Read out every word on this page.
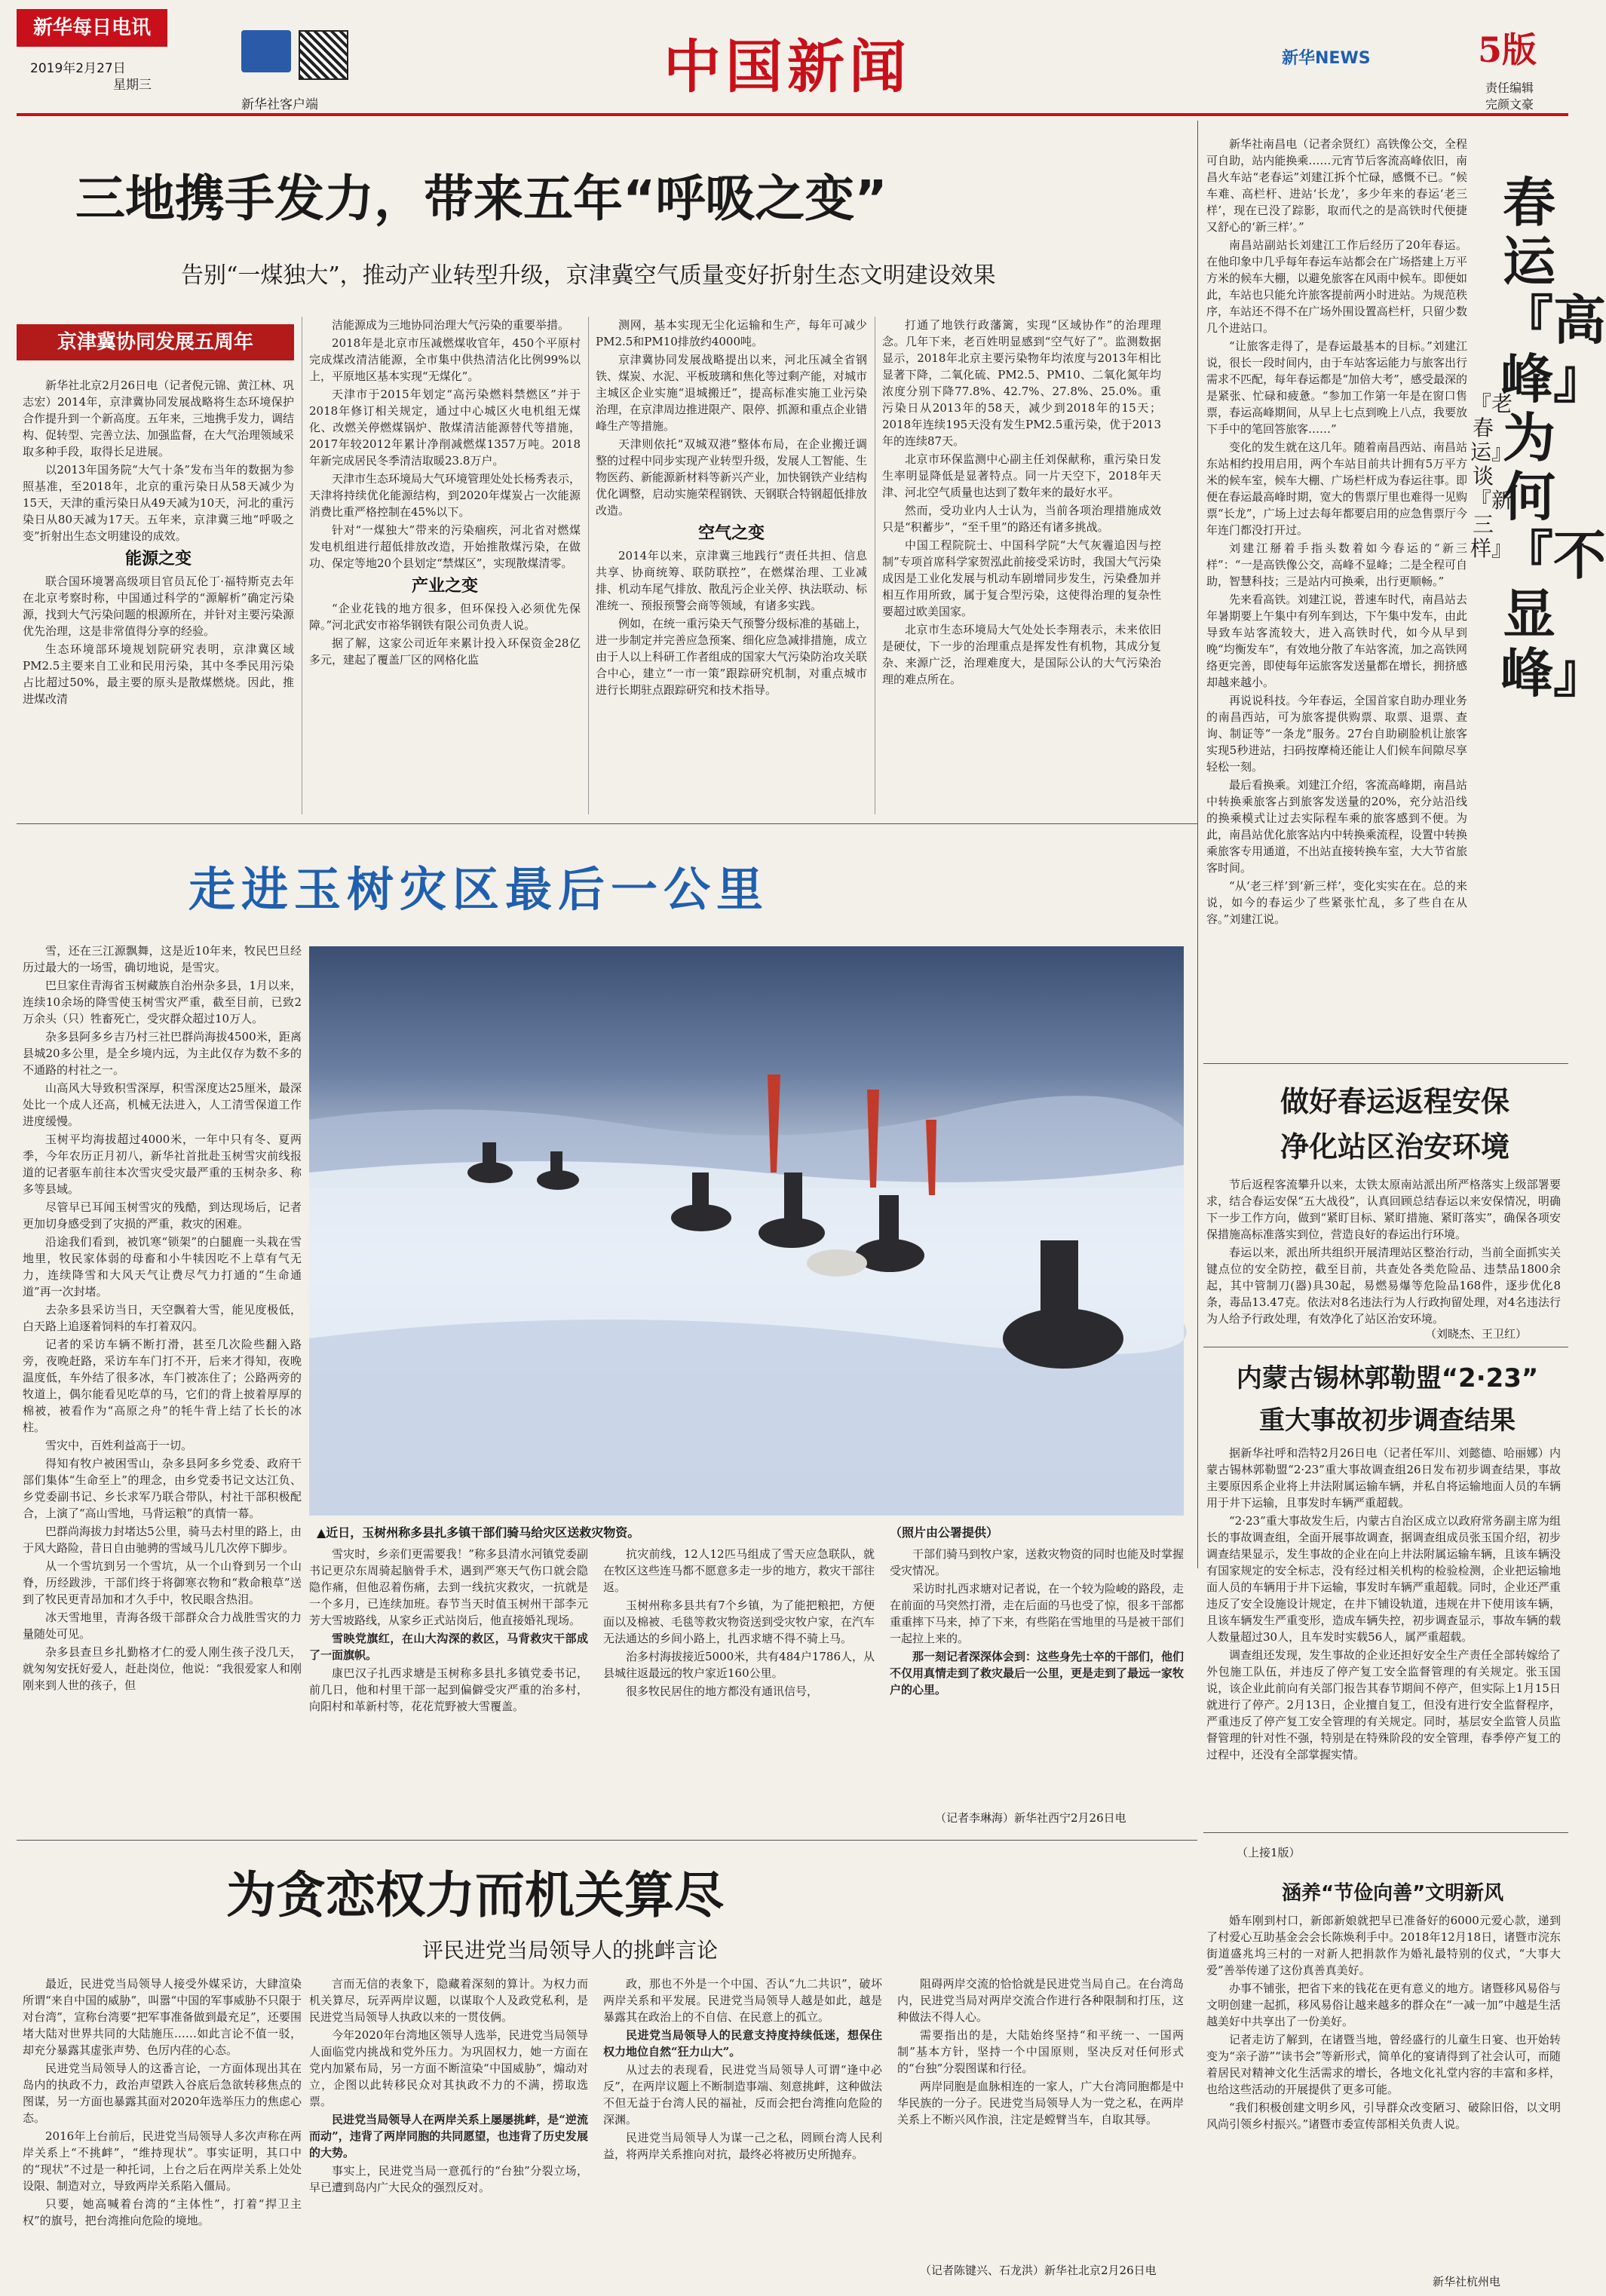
新华每日电讯
2019年2月27日
星期三
新华社客户端
中国新闻	新华NEWS	5版
责任编辑
完颜文豪
三地携手发力，带来五年“呼吸之变”
告别“一煤独大”，推动产业转型升级，京津冀空气质量变好折射生态文明建设效果
京津冀协同发展五周年

新华社北京2月26日电（记者倪元锦、黄江林、巩志宏）2014年，京津冀协同发展战略将生态环境保护合作提升到一个新高度。五年来，三地携手发力，调结构、促转型、完善立法、加强监督，在大气治理领域采取多种手段，取得长足进展。

以2013年国务院“大气十条”发布当年的数据为参照基准，至2018年，北京的重污染日从58天减少为15天，天津的重污染日从49天减为10天，河北的重污染日从80天减为17天。五年来，京津冀三地“呼吸之变”折射出生态文明建设的成效。

能源之变

联合国环境署高级项目官员瓦伦丁·福特斯克去年在北京考察时称，中国通过科学的“源解析”确定污染源，找到大气污染问题的根源所在，并针对主要污染源优先治理，这是非常值得分享的经验。

生态环境部环境规划院研究表明，京津冀区域PM2.5主要来自工业和民用污染，其中冬季民用污染占比超过50%，最主要的原头是散煤燃烧。因此，推进煤改清

洁能源成为三地协同治理大气污染的重要举措。

2018年是北京市压减燃煤收官年，450个平原村完成煤改清洁能源，全市集中供热清洁化比例99%以上，平原地区基本实现“无煤化”。

天津市于2015年划定“高污染燃料禁燃区”并于2018年修订相关规定，通过中心城区火电机组无煤化、改燃关停燃煤锅炉、散煤清洁能源替代等措施，2017年较2012年累计净削减燃煤1357万吨。2018年新完成居民冬季清洁取暖23.8万户。

天津市生态环境局大气环境管理处处长杨秀表示，天津将持续优化能源结构，到2020年煤炭占一次能源消费比重严格控制在45%以下。

针对“一煤独大”带来的污染痼疾，河北省对燃煤发电机组进行超低排放改造，开始推散煤污染，在做功、保定等地20个县划定“禁煤区”，实现散煤清零。

产业之变

“企业花钱的地方很多，但环保投入必须优先保障。”河北武安市裕华钢铁有限公司负责人说。

据了解，这家公司近年来累计投入环保资金28亿多元，建起了覆盖厂区的网格化监

测网，基本实现无尘化运输和生产，每年可减少PM2.5和PM10排放约4000吨。

京津冀协同发展战略提出以来，河北压减全省钢铁、煤炭、水泥、平板玻璃和焦化等过剩产能，对城市主城区企业实施“退城搬迁”，提高标准实施工业污染治理，在京津周边推进限产、限停、抓源和重点企业错峰生产等措施。

天津则依托“双城双港”整体布局，在企业搬迁调整的过程中同步实现产业转型升级，发展人工智能、生物医药、新能源新材料等新兴产业，加快钢铁产业结构优化调整，启动实施荣程钢铁、天钢联合特钢超低排放改造。

空气之变

2014年以来，京津冀三地践行“责任共担、信息共享、协商统筹、联防联控”，在燃煤治理、工业减排、机动车尾气排放、散乱污企业关停、执法联动、标准统一、预报预警会商等领域，有诸多实践。

例如，在统一重污染天气预警分级标准的基础上，进一步制定并完善应急预案、细化应急减排措施，成立由于人以上科研工作者组成的国家大气污染防治攻关联合中心，建立“一市一策”跟踪研究机制，对重点城市进行长期驻点跟踪研究和技术指导。

打通了地铁行政藩篱，实现“区域协作”的治理理念。几年下来，老百姓明显感到“空气好了”。监测数据显示，2018年北京主要污染物年均浓度与2013年相比显著下降，二氧化硫、PM2.5、PM10、二氧化氮年均浓度分别下降77.8%、42.7%、27.8%、25.0%。重污染日从2013年的58天，减少到2018年的15天；2018年连续195天没有发生PM2.5重污染，优于2013年的连续87天。

北京市环保监测中心副主任刘保献称，重污染日发生率明显降低是显著特点。同一片天空下，2018年天津、河北空气质量也达到了数年来的最好水平。

然而，受功业内人士认为，当前各项治理措施成效只是“积蓄步”，“至千里”的路还有诸多挑战。

中国工程院院士、中国科学院“大气灰霾追因与控制”专项首席科学家贺泓此前接受采访时，我国大气污染成因是工业化发展与机动车剧增同步发生，污染叠加并相互作用所致，属于复合型污染，这使得治理的复杂性要超过欧美国家。

北京市生态环境局大气处处长李翔表示，未来依旧是硬仗，下一步的治理重点是挥发性有机物，其成分复杂、来源广泛，治理难度大，是国际公认的大气污染治理的难点所在。

新华社南昌电（记者余贤红）高铁像公交，全程可自助，站内能换乘……元宵节后客流高峰依旧，南昌火车站“老春运”刘建江拆个忙碌，感慨不已。“候车难、高栏杆、进站‘长龙’，多少年来的春运‘老三样’，现在已没了踪影，取而代之的是高铁时代便捷又舒心的‘新三样’。”

南昌站副站长刘建江工作后经历了20年春运。在他印象中几乎每年春运车站都会在广场搭建上万平方米的候车大棚，以避免旅客在风雨中候车。即便如此，车站也只能允许旅客提前两小时进站。为规范秩序，车站还不得不在广场外围设置高栏杆，只留少数几个进站口。

“让旅客走得了，是春运最基本的目标。”刘建江说，很长一段时间内，由于车站客运能力与旅客出行需求不匹配，每年春运都是“加倍大考”，感受最深的是紧张、忙碌和疲惫。“参加工作第一年是在窗口售票，春运高峰期间，从早上七点到晚上八点，我要放下手中的笔回答旅客……”

变化的发生就在这几年。随着南昌西站、南昌站东站相约投用启用，两个车站目前共计拥有5万平方米的候车室，候车大棚、广场栏杆成为春运往事。即便在春运最高峰时期，宽大的售票厅里也难得一见购票“长龙”，广场上过去每年都要启用的应急售票厅今年连门都没打开过。

刘建江掰着手指头数着如今春运的“新三样”：“一是高铁像公交，高峰不显峰；二是全程可自助，智慧科技；三是站内可换乘，出行更顺畅。”

先来看高铁。刘建江说，普速车时代，南昌站去年暑期要上午集中有列车到达，下午集中发车，由此导致车站客流较大，进入高铁时代，如今从早到晚“均衡发车”，有效地分散了车站客流，加之高铁网络更完善，即使每年运旅客发送量都在增长，拥挤感却越来越小。

再说说科技。今年春运，全国首家自助办理业务的南昌西站，可为旅客提供购票、取票、退票、查询、制证等“一条龙”服务。27台自助刷脸机让旅客实现5秒进站，扫码按摩椅还能让人们候车间隙尽享轻松一刻。

最后看换乘。刘建江介绍，客流高峰期，南昌站中转换乘旅客占到旅客发送量的20%，充分站沿线的换乘模式让过去实际程车乘的旅客感到不便。为此，南昌站优化旅客站内中转换乘流程，设置中转换乘旅客专用通道，不出站直接转换车室，大大节省旅客时间。

“从‘老三样’到‘新三样’，变化实实在在。总的来说，如今的春运少了些紧张忙乱，多了些自在从容。”刘建江说。

春运『高峰』为何『不显峰』
『老春运』谈『新三样』
做好春运返程安保
净化站区治安环境

节后返程客流攀升以来，太铁太原南站派出所严格落实上级部署要求，结合春运安保“五大战役”，认真回顾总结春运以来安保情况，明确下一步工作方向，做到“紧盯目标、紧盯措施、紧盯落实”，确保各项安保措施高标准落实到位，营造良好的春运出行环境。

春运以来，派出所共组织开展清理站区整治行动，当前全面抓实关键点位的安全防控，截至目前，共查处各类危险品、违禁品1800余起，其中管制刀(器)具30起，易燃易爆等危险品168件，逐步优化8条，毒品13.47克。依法对8名违法行为人行政拘留处理，对4名违法行为人给予行政处理，有效净化了站区治安环境。

（刘晓杰、王卫红）
内蒙古锡林郭勒盟“2·23”
重大事故初步调查结果

据新华社呼和浩特2月26日电（记者任军川、刘懿德、哈丽娜）内蒙古锡林郭勒盟“2·23”重大事故调查组26日发布初步调查结果，事故主要原因系企业将上井法附属运输车辆，并私自将运输地面人员的车辆用于井下运输，且事发时车辆严重超载。

“2·23”重大事故发生后，内蒙古自治区成立以政府常务副主席为组长的事故调查组，全面开展事故调查，据调查组成员张玉国介绍，初步调查结果显示，发生事故的企业在向上井法附属运输车辆，且该车辆没有国家规定的安全标志，没有经过相关机构的检验检测，企业把运输地面人员的车辆用于井下运输，事发时车辆严重超载。同时，企业还严重违反了安全设施设计规定，在井下铺设轨道，违规在井下使用该车辆，且该车辆发生严重变形，造成车辆失控，初步调查显示，事故车辆的载人数量超过30人，且车发时实载56人，属严重超载。

调查组还发现，发生事故的企业还担好安全生产责任全部转嫁给了外包施工队伍，并违反了停产复工安全监督管理的有关规定。张玉国说，该企业此前向有关部门报告其春节期间不停产，但实际上1月15日就进行了停产。2月13日，企业擅自复工，但没有进行安全监督程序，严重违反了停产复工安全管理的有关规定。同时，基层安全监管人员监督管理的针对性不强，特别是在特殊阶段的安全管理，春季停产复工的过程中，还没有全部掌握实情。

（上接1版）
涵养“节俭向善”文明新风

婚车刚到村口，新郎新娘就把早已准备好的6000元爱心款，递到了村爱心互助基金会会长陈焕利手中。2018年12月18日，诸暨市浣东街道盛兆坞三村的一对新人把捐款作为婚礼最特别的仪式，“大事大爱”善举传递了这份真善真美好。

办事不铺张，把省下来的钱花在更有意义的地方。诸暨移风易俗与文明创建一起抓，移风易俗让越来越多的群众在“一减一加”中越是生活越美好中共享出了一份美好。

记者走访了解到，在诸暨当地，曾经盛行的儿童生日宴、也开始转变为“亲子游”“读书会”等新形式，简单化的宴请得到了社会认可，而随着居民对精神文化生活需求的增长，各地文化礼堂内容的丰富和多样，也给这些活动的开展提供了更多可能。

“我们积极创建文明乡风，引导群众改变陋习、破除旧俗，以文明风尚引领乡村振兴。”诸暨市委宣传部相关负责人说。

新华社杭州电
走进玉树灾区最后一公里

雪，还在三江源飘舞，这是近10年来，牧民巴旦经历过最大的一场雪，确切地说，是雪灾。

巴旦家住青海省玉树藏族自治州杂多县，1月以来，连续10余场的降雪使玉树雪灾严重，截至目前，已致2万余头（只）牲畜死亡，受灾群众超过10万人。

杂多县阿多乡吉乃村三社巴群尚海拔4500米，距离县城20多公里，是全乡境内远，为主此仅存为数不多的不通路的村社之一。

山高风大导致积雪深厚，积雪深度达25厘米，最深处比一个成人还高，机械无法进入，人工清雪保道工作进度缓慢。

玉树平均海拔超过4000米，一年中只有冬、夏两季，今年农历正月初八，新华社首批赴玉树雪灾前线报道的记者驱车前往本次雪灾受灾最严重的玉树杂多、称多等县域。

尽管早已耳闻玉树雪灾的残酷，到达现场后，记者更加切身感受到了灾损的严重，救灾的困难。

沿途我们看到，被饥寒“锁架”的白腿鹿一头栽在雪地里，牧民家体弱的母畜和小牛犊因吃不上草有气无力，连续降雪和大风天气让费尽气力打通的“生命通道”再一次封堵。

去杂多县采访当日，天空飘着大雪，能见度极低，白天路上追逐着饲料的车打着双闪。

记者的采访车辆不断打滑，甚至几次险些翻入路旁，夜晚赶路，采访车车门打不开，后来才得知，夜晚温度低，车外结了很多冰，车门被冻住了；公路两旁的牧道上，偶尔能看见吃草的马，它们的背上披着厚厚的棉被，被看作为“高原之舟”的牦牛背上结了长长的冰柱。

雪灾中，百姓利益高于一切。

得知有牧户被困雪山，杂多县阿多乡党委、政府干部们集体“生命至上”的理念，由乡党委书记文达江负、乡党委副书记、乡长求军乃联合带队，村社干部积极配合，上演了“高山雪地，马背运粮”的真情一幕。

巴群尚海拔力封堵达5公里，骑马去村里的路上，由于风大路险，昔日自由驰骋的雪域马儿几次停下脚步。

从一个雪坑到另一个雪坑，从一个山脊到另一个山脊，历经跋涉，干部们终于将御寒衣物和“救命粮草”送到了牧民更青昂加和才久手中，牧民眼含热泪。

冰天雪地里，青海各级干部群众合力战胜雪灾的力量随处可见。

杂多县查旦乡扎勤格才仁的爱人刚生孩子没几天，就匆匆安抚好爱人，赶赴岗位，他说：“我很爱家人和刚刚来到人世的孩子，但

▲近日，玉树州称多县扎多镇干部们骑马给灾区送救灾物资。	（照片由公署提供）

雪灾时，乡亲们更需要我！”称多县清水河镇党委副书记更尕东周骑起脑骨手术，遇到严寒天气伤口就会隐隐作痛，但他忍着伤痛，去到一线抗灾救灾，一抗就是一个多月，已连续加班。春节当天时值玉树州干部李元芳大雪坡路线，从家乡正式站岗后，他直接婚礼现场。

雪映党旗红，在山大沟深的救区，马背救灾干部成了一面旗帜。

康巴汉子扎西求塘是玉树称多县扎多镇党委书记，前几日，他和村里干部一起到偏僻受灾严重的治多村，向阳村和革新村等，花花荒野被大雪覆盖。

抗灾前线，12人12匹马组成了雪天应急联队，就在牧区这些连马都不愿意多走一步的地方，救灾干部往返。

玉树州称多县共有7个乡镇，为了能把粮把，方便面以及棉被、毛毯等救灾物资送到受灾牧户家，在汽车无法通达的乡间小路上，扎西求塘不得不骑上马。

治多村海拔接近5000米，共有484户1786人，从县城往返最远的牧户家近160公里。

很多牧民居住的地方都没有通讯信号，

干部们骑马到牧户家，送救灾物资的同时也能及时掌握受灾情况。

采访时扎西求塘对记者说，在一个较为险峻的路段，走在前面的马突然打滑，走在后面的马也受了惊，很多干部都重重摔下马来，掉了下来，有些陷在雪地里的马是被干部们一起拉上来的。

那一刻记者深深体会到：这些身先士卒的干部们，他们不仅用真情走到了救灾最后一公里，更是走到了最远一家牧户的心里。

（记者李琳海）新华社西宁2月26日电
为贪恋权力而机关算尽
评民进党当局领导人的挑衅言论

最近，民进党当局领导人接受外媒采访，大肆渲染所谓“来自中国的威胁”，叫嚣“中国的军事威胁不只限于对台湾”，宣称台湾要“把军事准备做到最充足”，还要围堵大陆对世界共同的大陆施压……如此言论不值一驳，却充分暴露其虚张声势、色厉内荏的心态。

民进党当局领导人的这番言论，一方面体现出其在岛内的执政不力，政治声望跌入谷底后急欲转移焦点的图谋，另一方面也暴露其面对2020年选举压力的焦虑心态。

2016年上台前后，民进党当局领导人多次声称在两岸关系上“不挑衅”，“维持现状”。事实证明，其口中的“现状”不过是一种托词，上台之后在两岸关系上处处设限、制造对立，导致两岸关系陷入僵局。

只要，她高喊着台湾的“主体性”，打着“捍卫主权”的旗号，把台湾推向危险的境地。

言而无信的表象下，隐藏着深刻的算计。为权力而机关算尽，玩弄两岸议题，以谋取个人及政党私利，是民进党当局领导人执政以来的一贯伎俩。

今年2020年台湾地区领导人选举，民进党当局领导人面临党内挑战和党外压力。为巩固权力，她一方面在党内加紧布局，另一方面不断渲染“中国威胁”，煽动对立，企图以此转移民众对其执政不力的不满，捞取选票。

民进党当局领导人在两岸关系上屡屡挑衅，是“逆流而动”，违背了两岸同胞的共同愿望，也违背了历史发展的大势。

事实上，民进党当局一意孤行的“台独”分裂立场，早已遭到岛内广大民众的强烈反对。

政，那也不外是一个中国、否认“九二共识”，破坏两岸关系和平发展。民进党当局领导人越是如此，越是暴露其在政治上的不自信、在民意上的孤立。

民进党当局领导人的民意支持度持续低迷，想保住权力地位自然“狂力山大”。

从过去的表现看，民进党当局领导人可谓“逢中必反”，在两岸议题上不断制造事端、刻意挑衅，这种做法不但无益于台湾人民的福祉，反而会把台湾推向危险的深渊。

民进党当局领导人为谋一己之私，罔顾台湾人民利益，将两岸关系推向对抗，最终必将被历史所抛弃。

阻碍两岸交流的恰恰就是民进党当局自己。在台湾岛内，民进党当局对两岸交流合作进行各种限制和打压，这种做法不得人心。

需要指出的是，大陆始终坚持“和平统一、一国两制”基本方针，坚持一个中国原则，坚决反对任何形式的“台独”分裂图谋和行径。

两岸同胞是血脉相连的一家人，广大台湾同胞都是中华民族的一分子。民进党当局领导人为一党之私，在两岸关系上不断兴风作浪，注定是螳臂当车，自取其辱。

（记者陈键兴、石龙洪）新华社北京2月26日电
